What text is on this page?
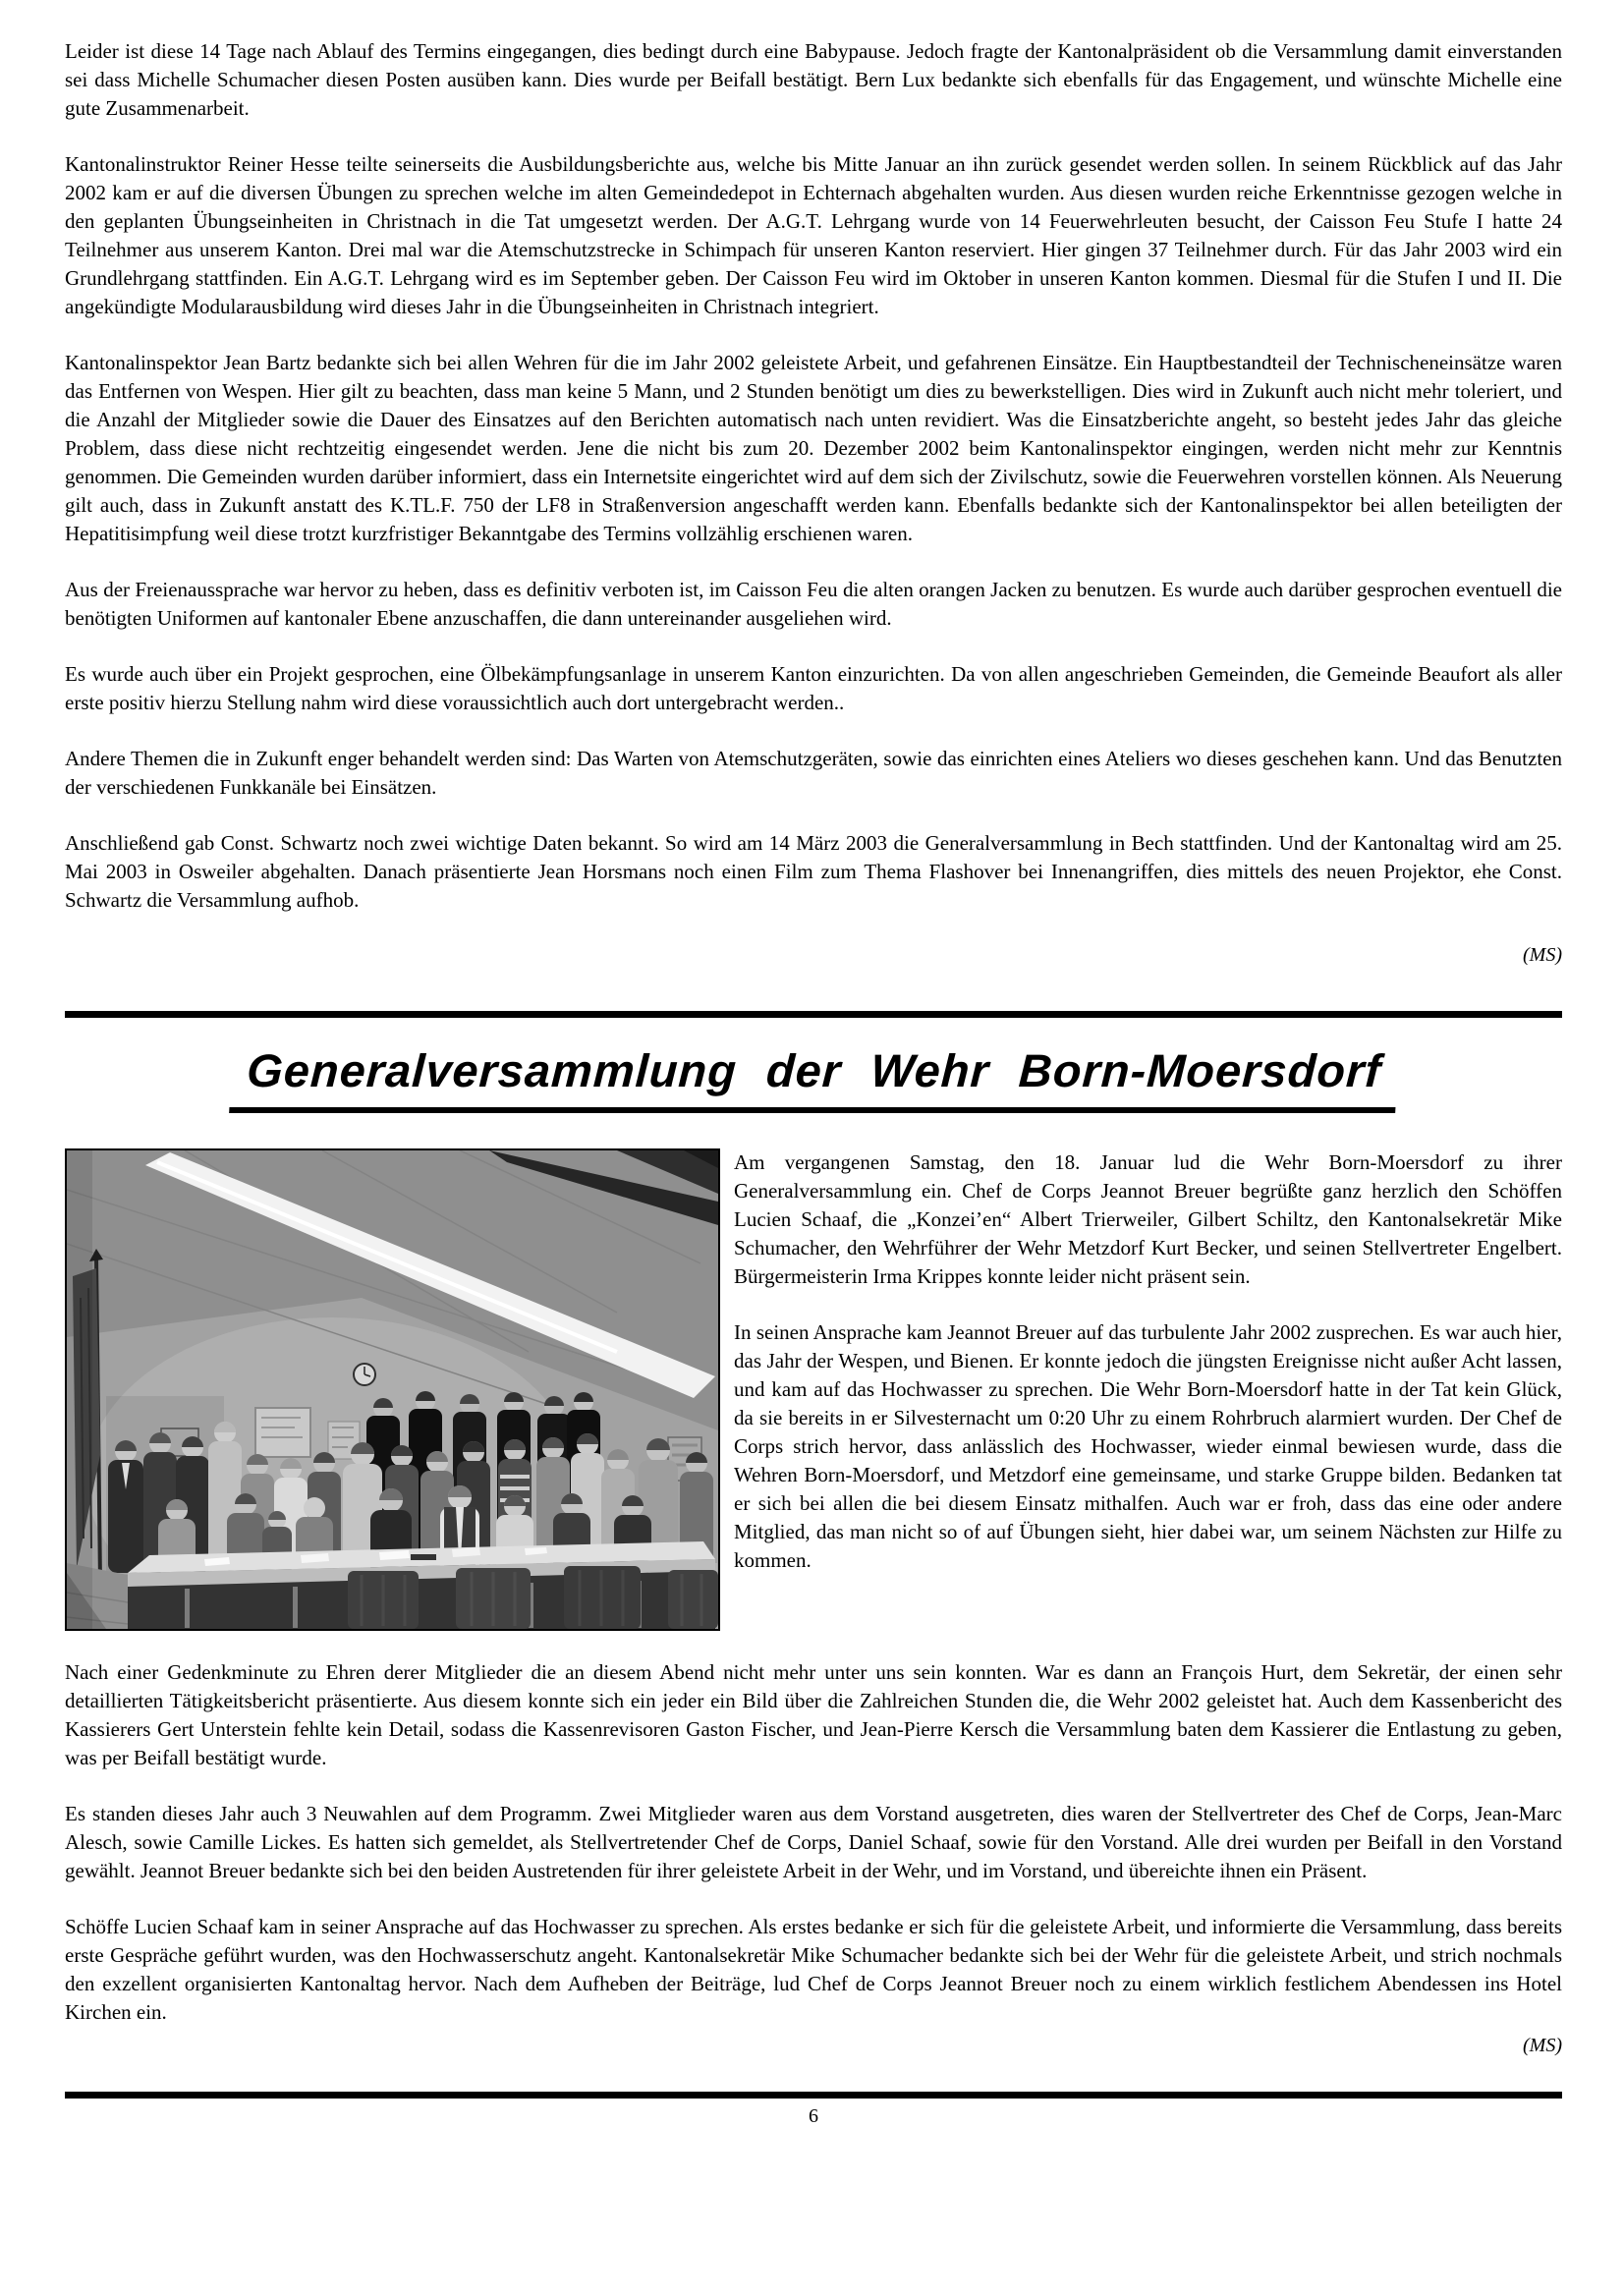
Leider ist diese 14 Tage nach Ablauf des Termins eingegangen, dies bedingt durch eine Babypause. Jedoch fragte der Kantonalpräsident ob die Versammlung damit einverstanden sei dass Michelle Schumacher diesen Posten ausüben kann. Dies wurde per Beifall bestätigt. Bern Lux bedankte sich ebenfalls für das Engagement, und wünschte Michelle eine gute Zusammenarbeit.

Kantonalinstruktor Reiner Hesse teilte seinerseits die Ausbildungsberichte aus, welche bis Mitte Januar an ihn zurück gesendet werden sollen. In seinem Rückblick auf das Jahr 2002 kam er auf die diversen Übungen zu sprechen welche im alten Gemeindedepot in Echternach abgehalten wurden. Aus diesen wurden reiche Erkenntnisse gezogen welche in den geplanten Übungseinheiten in Christnach in die Tat umgesetzt werden. Der A.G.T. Lehrgang wurde von 14 Feuerwehrleuten besucht, der Caisson Feu Stufe I hatte 24 Teilnehmer aus unserem Kanton. Drei mal war die Atemschutzstrecke in Schimpach für unseren Kanton reserviert. Hier gingen 37 Teilnehmer durch. Für das Jahr 2003 wird ein Grundlehrgang stattfinden. Ein A.G.T. Lehrgang wird es im September geben. Der Caisson Feu wird im Oktober in unseren Kanton kommen. Diesmal für die Stufen I und II. Die angekündigte Modularausbildung wird dieses Jahr in die Übungseinheiten in Christnach integriert.

Kantonalinspektor Jean Bartz bedankte sich bei allen Wehren für die im Jahr 2002 geleistete Arbeit, und gefahrenen Einsätze. Ein Hauptbestandteil der Technischeneinsätze waren das Entfernen von Wespen. Hier gilt zu beachten, dass man keine 5 Mann, und 2 Stunden benötigt um dies zu bewerkstelligen. Dies wird in Zukunft auch nicht mehr toleriert, und die Anzahl der Mitglieder sowie die Dauer des Einsatzes auf den Berichten automatisch nach unten revidiert. Was die Einsatzberichte angeht, so besteht jedes Jahr das gleiche Problem, dass diese nicht rechtzeitig eingesendet werden. Jene die nicht bis zum 20. Dezember 2002 beim Kantonalinspektor eingingen, werden nicht mehr zur Kenntnis genommen. Die Gemeinden wurden darüber informiert, dass ein Internetsite eingerichtet wird auf dem sich der Zivilschutz, sowie die Feuerwehren vorstellen können. Als Neuerung gilt auch, dass in Zukunft anstatt des K.TL.F. 750 der LF8 in Straßenversion angeschafft werden kann. Ebenfalls bedankte sich der Kantonalinspektor bei allen beteiligten der Hepatitisimpfung weil diese trotzt kurzfristiger Bekanntgabe des Termins vollzählig erschienen waren.

Aus der Freienaussprache war hervor zu heben, dass es definitiv verboten ist, im Caisson Feu die alten orangen Jacken zu benutzen. Es wurde auch darüber gesprochen eventuell die benötigten Uniformen auf kantonaler Ebene anzuschaffen, die dann untereinander ausgeliehen wird.

Es wurde auch über ein Projekt gesprochen, eine Ölbekämpfungsanlage in unserem Kanton einzurichten. Da von allen angeschrieben Gemeinden, die Gemeinde Beaufort als aller erste positiv hierzu Stellung nahm wird diese voraussichtlich auch dort untergebracht werden..

Andere Themen die in Zukunft enger behandelt werden sind: Das Warten von Atemschutzgeräten, sowie das einrichten eines Ateliers wo dieses geschehen kann. Und das Benutzten der verschiedenen Funkkanäle bei Einsätzen.

Anschließend gab Const. Schwartz noch zwei wichtige Daten bekannt. So wird am 14 März 2003 die Generalversammlung in Bech stattfinden. Und der Kantonaltag wird am 25. Mai 2003 in Osweiler abgehalten. Danach präsentierte Jean Horsmans noch einen Film zum Thema Flashover bei Innenangriffen, dies mittels des neuen Projektor, ehe Const. Schwartz die Versammlung aufhob.

(MS)

Generalversammlung der Wehr Born-Moersdorf

Am vergangenen Samstag, den 18. Januar lud die Wehr Born-Moersdorf zu ihrer Generalversammlung ein. Chef de Corps Jeannot Breuer begrüßte ganz herzlich den Schöffen Lucien Schaaf, die „Konzei’en“ Albert Trierweiler, Gilbert Schiltz, den Kantonalsekretär Mike Schumacher, den Wehrführer der Wehr Metzdorf Kurt Becker, und seinen Stellvertreter Engelbert. Bürgermeisterin Irma Krippes konnte leider nicht präsent sein.

In seinen Ansprache kam Jeannot Breuer auf das turbulente Jahr 2002 zusprechen. Es war auch hier, das Jahr der Wespen, und Bienen. Er konnte jedoch die jüngsten Ereignisse nicht außer Acht lassen, und kam auf das Hochwasser zu sprechen. Die Wehr Born-Moersdorf hatte in der Tat kein Glück, da sie bereits in er Silvesternacht um 0:20 Uhr zu einem Rohrbruch alarmiert wurden. Der Chef de Corps strich hervor, dass anlässlich des Hochwasser, wieder einmal bewiesen wurde, dass die Wehren Born-Moersdorf, und Metzdorf eine gemeinsame, und starke Gruppe bilden. Bedanken tat er sich bei allen die bei diesem Einsatz mithalfen. Auch war er froh, dass das eine oder andere Mitglied, das man nicht so of auf Übungen sieht, hier dabei war, um seinem Nächsten zur Hilfe zu kommen.

Nach einer Gedenkminute zu Ehren derer Mitglieder die an diesem Abend nicht mehr unter uns sein konnten. War es dann an François Hurt, dem Sekretär, der einen sehr detaillierten Tätigkeitsbericht präsentierte. Aus diesem konnte sich ein jeder ein Bild über die Zahlreichen Stunden die, die Wehr 2002 geleistet hat. Auch dem Kassenbericht des Kassierers Gert Unterstein fehlte kein Detail, sodass die Kassenrevisoren Gaston Fischer, und Jean-Pierre Kersch die Versammlung baten dem Kassierer die Entlastung zu geben, was per Beifall bestätigt wurde.

Es standen dieses Jahr auch 3 Neuwahlen auf dem Programm. Zwei Mitglieder waren aus dem Vorstand ausgetreten, dies waren der Stellvertreter des Chef de Corps, Jean-Marc Alesch, sowie Camille Lickes. Es hatten sich gemeldet, als Stellvertretender Chef de Corps, Daniel Schaaf, sowie für den Vorstand. Alle drei wurden per Beifall in den Vorstand gewählt. Jeannot Breuer bedankte sich bei den beiden Austretenden für ihrer geleistete Arbeit in der Wehr, und im Vorstand, und übereichte ihnen ein Präsent.

Schöffe Lucien Schaaf kam in seiner Ansprache auf das Hochwasser zu sprechen. Als erstes bedanke er sich für die geleistete Arbeit, und informierte die Versammlung, dass bereits erste Gespräche geführt wurden, was den Hochwasserschutz angeht. Kantonalsekretär Mike Schumacher bedankte sich bei der Wehr für die geleistete Arbeit, und strich nochmals den exzellent organisierten Kantonaltag hervor. Nach dem Aufheben der Beiträge, lud Chef de Corps Jeannot Breuer noch zu einem wirklich festlichem Abendessen ins Hotel Kirchen ein.

(MS)

6
